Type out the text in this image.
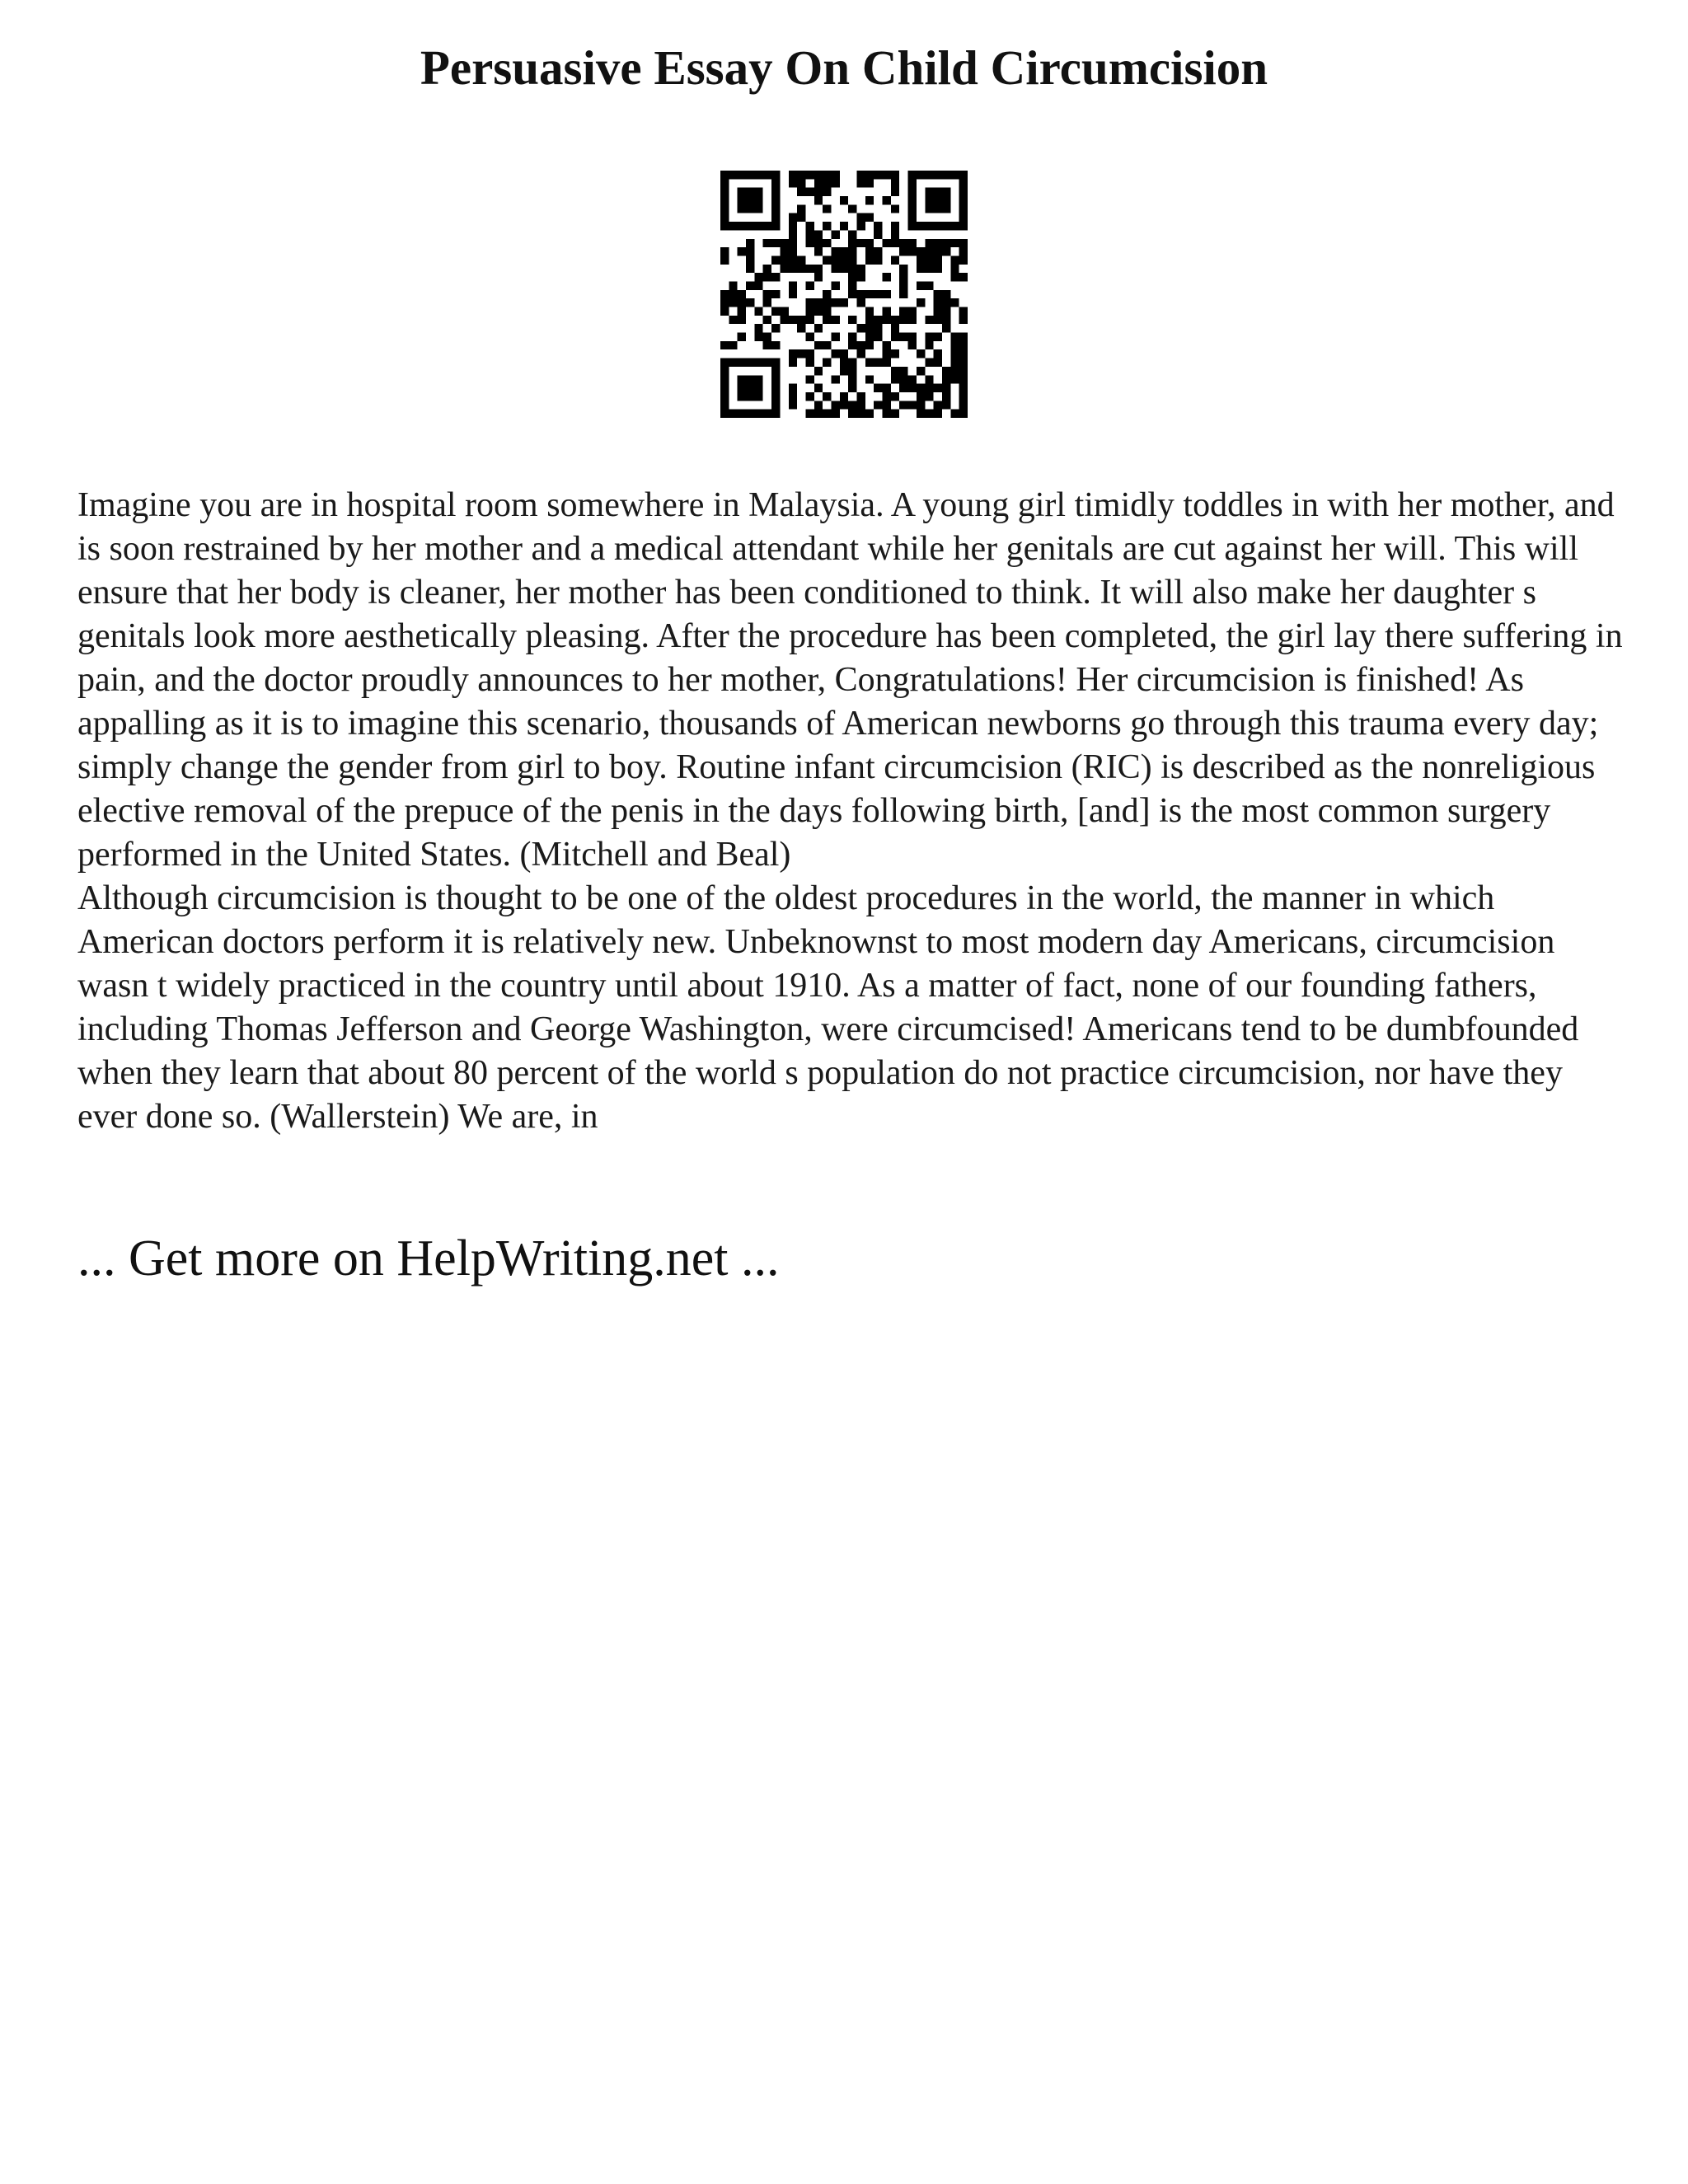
Persuasive Essay On Child Circumcision

Imagine you are in hospital room somewhere in Malaysia. A young girl timidly toddles in with her mother, and is soon restrained by her mother and a medical attendant while her genitals are cut against her will. This will ensure that her body is cleaner, her mother has been conditioned to think. It will also make her daughter s genitals look more aesthetically pleasing. After the procedure has been completed, the girl lay there suffering in pain, and the doctor proudly announces to her mother, Congratulations! Her circumcision is finished! As appalling as it is to imagine this scenario, thousands of American newborns go through this trauma every day; simply change the gender from girl to boy. Routine infant circumcision (RIC) is described as the nonreligious elective removal of the prepuce of the penis in the days following birth, [and] is the most common surgery performed in the United States. (Mitchell and Beal)

Although circumcision is thought to be one of the oldest procedures in the world, the manner in which American doctors perform it is relatively new. Unbeknownst to most modern day Americans, circumcision wasn t widely practiced in the country until about 1910. As a matter of fact, none of our founding fathers, including Thomas Jefferson and George Washington, were circumcised! Americans tend to be dumbfounded when they learn that about 80 percent of the world s population do not practice circumcision, nor have they ever done so. (Wallerstein) We are, in

... Get more on HelpWriting.net ...
